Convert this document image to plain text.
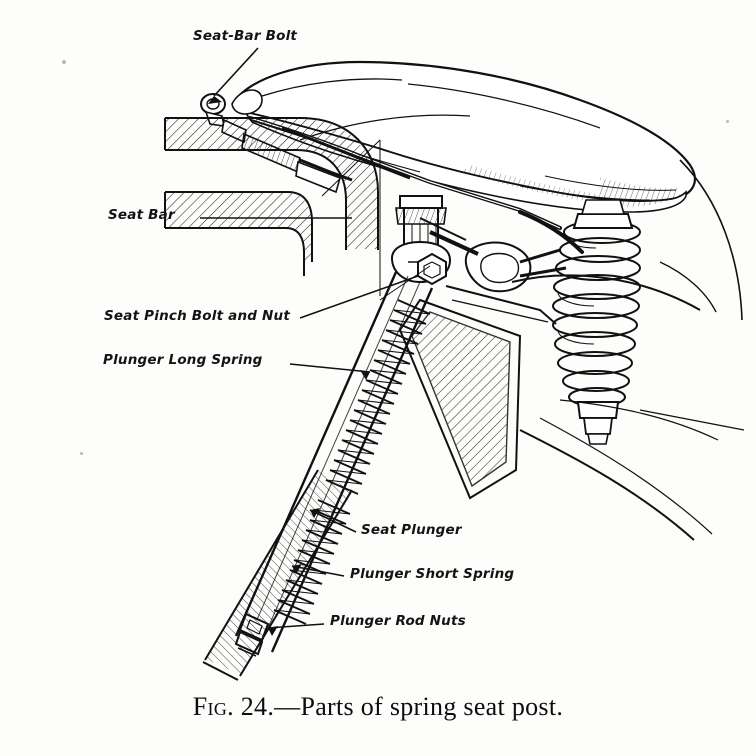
Seat-Bar Bolt
Seat Bar
Seat Pinch Bolt and Nut
Plunger Long Spring
Seat Plunger
Plunger Short Spring
Plunger Rod Nuts
Fig. 24.—Parts of spring seat post.
